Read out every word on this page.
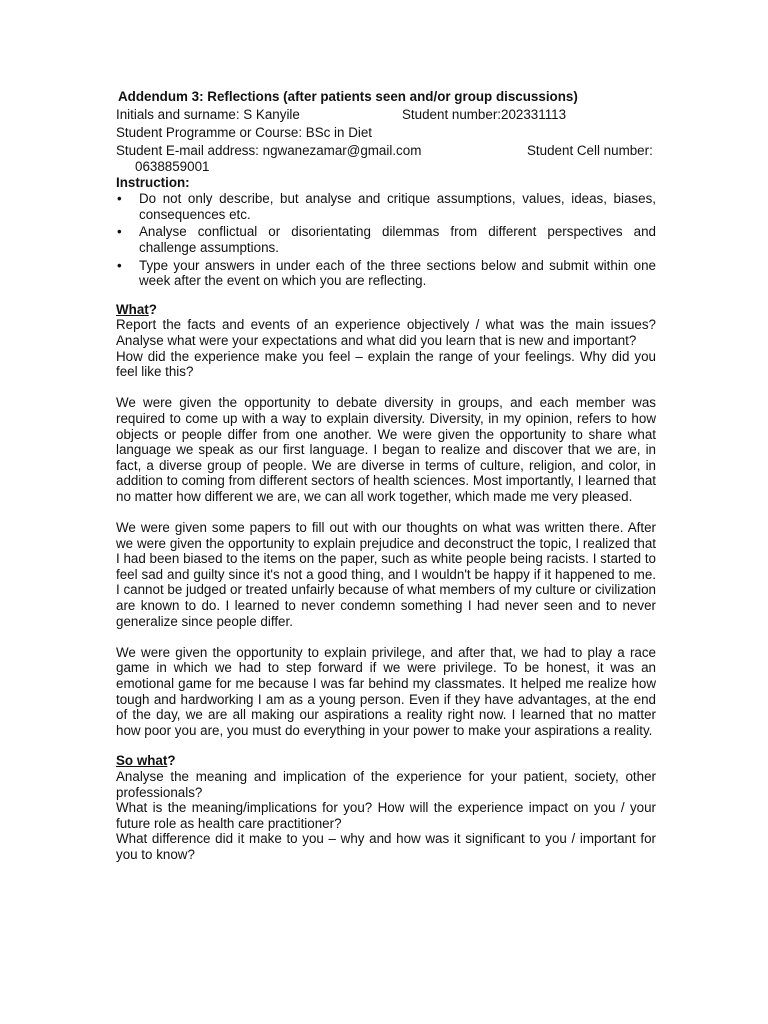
Addendum 3: Reflections (after patients seen and/or group discussions)
Initials and surname: S Kanyile	Student number:202331113
Student Programme or Course: BSc in Diet
Student E-mail address: ngwanezamar@gmail.com	Student Cell number:
0638859001
Instruction:
• Do not only describe, but analyse and critique assumptions, values, ideas, biases, consequences etc.
• Analyse conflictual or disorientating dilemmas from different perspectives and challenge assumptions.
• Type your answers in under each of the three sections below and submit within one week after the event on which you are reflecting.
What?

Report the facts and events of an experience objectively / what was the main issues? Analyse what were your expectations and what did you learn that is new and important?

How did the experience make you feel – explain the range of your feelings. Why did you feel like this?

We were given the opportunity to debate diversity in groups, and each member was required to come up with a way to explain diversity. Diversity, in my opinion, refers to how objects or people differ from one another. We were given the opportunity to share what language we speak as our first language. I began to realize and discover that we are, in fact, a diverse group of people. We are diverse in terms of culture, religion, and color, in addition to coming from different sectors of health sciences. Most importantly, I learned that no matter how different we are, we can all work together, which made me very pleased.

We were given some papers to fill out with our thoughts on what was written there. After we were given the opportunity to explain prejudice and deconstruct the topic, I realized that I had been biased to the items on the paper, such as white people being racists. I started to feel sad and guilty since it's not a good thing, and I wouldn't be happy if it happened to me. I cannot be judged or treated unfairly because of what members of my culture or civilization are known to do. I learned to never condemn something I had never seen and to never generalize since people differ.

We were given the opportunity to explain privilege, and after that, we had to play a race game in which we had to step forward if we were privilege. To be honest, it was an emotional game for me because I was far behind my classmates. It helped me realize how tough and hardworking I am as a young person. Even if they have advantages, at the end of the day, we are all making our aspirations a reality right now. I learned that no matter how poor you are, you must do everything in your power to make your aspirations a reality.

So what?

Analyse the meaning and implication of the experience for your patient, society, other professionals?

What is the meaning/implications for you? How will the experience impact on you / your future role as health care practitioner?

What difference did it make to you – why and how was it significant to you / important for you to know?
